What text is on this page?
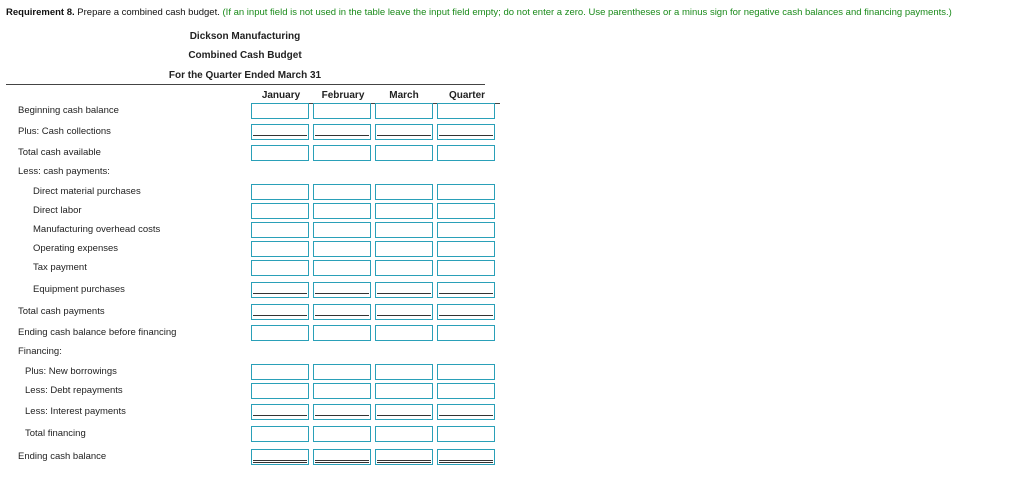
Requirement 8. Prepare a combined cash budget. (If an input field is not used in the table leave the input field empty; do not enter a zero. Use parentheses or a minus sign for negative cash balances and financing payments.)
Dickson Manufacturing
Combined Cash Budget
For the Quarter Ended March 31
January	February	March	Quarter
Beginning cash balance
Plus: Cash collections
Total cash available
Less: cash payments:
Direct material purchases
Direct labor
Manufacturing overhead costs
Operating expenses
Tax payment
Equipment purchases
Total cash payments
Ending cash balance before financing
Financing:
Plus: New borrowings
Less: Debt repayments
Less: Interest payments
Total financing
Ending cash balance
